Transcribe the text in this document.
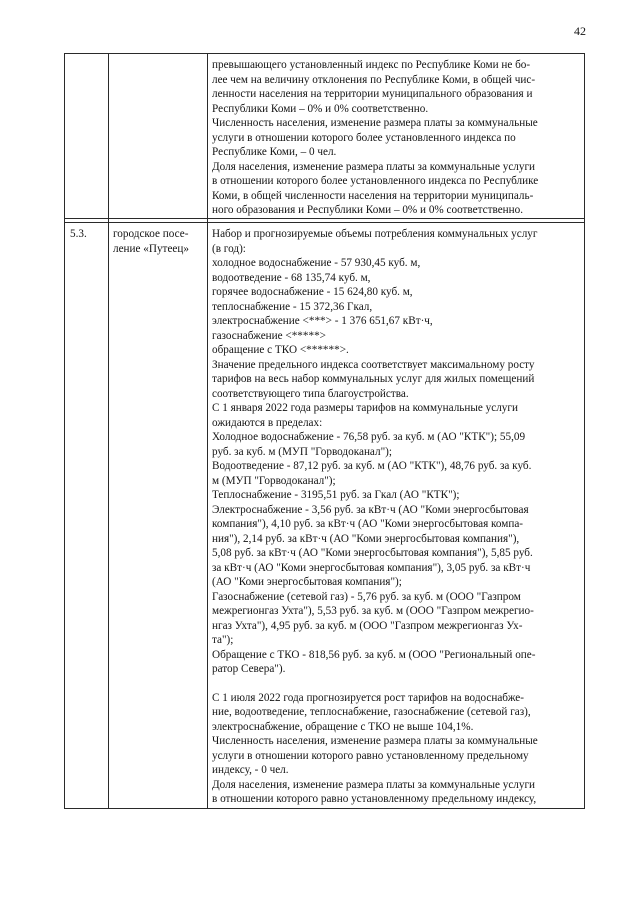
42

превышающего установленный индекс по Республике Коми не бо-

лее чем на величину отклонения по Республике Коми, в общей чис-

ленности населения на территории муниципального образования и

Республики Коми – 0% и 0% соответственно.

Численность населения, изменение размера платы за коммунальные

услуги в отношении которого более установленного индекса по

Республике Коми, – 0 чел.

Доля населения, изменение размера платы за коммунальные услуги

в отношении которого более установленного индекса по Республике

Коми, в общей численности населения на территории муниципаль-

ного образования и Республики Коми – 0% и 0% соответственно.

5.3.	городское посе-

ление «Путеец»

Набор и прогнозируемые объемы потребления коммунальных услуг

(в год):

холодное водоснабжение - 57 930,45 куб. м,

водоотведение - 68 135,74 куб. м,

горячее водоснабжение - 15 624,80 куб. м,

теплоснабжение - 15 372,36 Гкал,

электроснабжение <***> - 1 376 651,67 кВт·ч,

газоснабжение <*****>

обращение с ТКО <******>.

Значение предельного индекса соответствует максимальному росту

тарифов на весь набор коммунальных услуг для жилых помещений

соответствующего типа благоустройства.

С 1 января 2022 года размеры тарифов на коммунальные услуги

ожидаются в пределах:

Холодное водоснабжение - 76,58 руб. за куб. м (АО "КТК"); 55,09

руб. за куб. м (МУП "Горводоканал");

Водоотведение - 87,12 руб. за куб. м (АО "КТК"), 48,76 руб. за куб.

м (МУП "Горводоканал");

Теплоснабжение - 3195,51 руб. за Гкал (АО "КТК");

Электроснабжение - 3,56 руб. за кВт·ч (АО "Коми энергосбытовая

компания"), 4,10 руб. за кВт·ч (АО "Коми энергосбытовая компа-

ния"), 2,14 руб. за кВт·ч (АО "Коми энергосбытовая компания"),

5,08 руб. за кВт·ч (АО "Коми энергосбытовая компания"), 5,85 руб.

за кВт·ч (АО "Коми энергосбытовая компания"), 3,05 руб. за кВт·ч

(АО "Коми энергосбытовая компания");

Газоснабжение (сетевой газ) - 5,76 руб. за куб. м (ООО "Газпром

межрегионгаз Ухта"), 5,53 руб. за куб. м (ООО "Газпром межрегио-

нгаз Ухта"), 4,95 руб. за куб. м (ООО "Газпром межрегионгаз Ух-

та");

Обращение с ТКО - 818,56 руб. за куб. м (ООО "Региональный опе-

ратор Севера").

С 1 июля 2022 года прогнозируется рост тарифов на водоснабже-

ние, водоотведение, теплоснабжение, газоснабжение (сетевой газ),

электроснабжение, обращение с ТКО не выше 104,1%.

Численность населения, изменение размера платы за коммунальные

услуги в отношении которого равно установленному предельному

индексу, - 0 чел.

Доля населения, изменение размера платы за коммунальные услуги

в отношении которого равно установленному предельному индексу,
